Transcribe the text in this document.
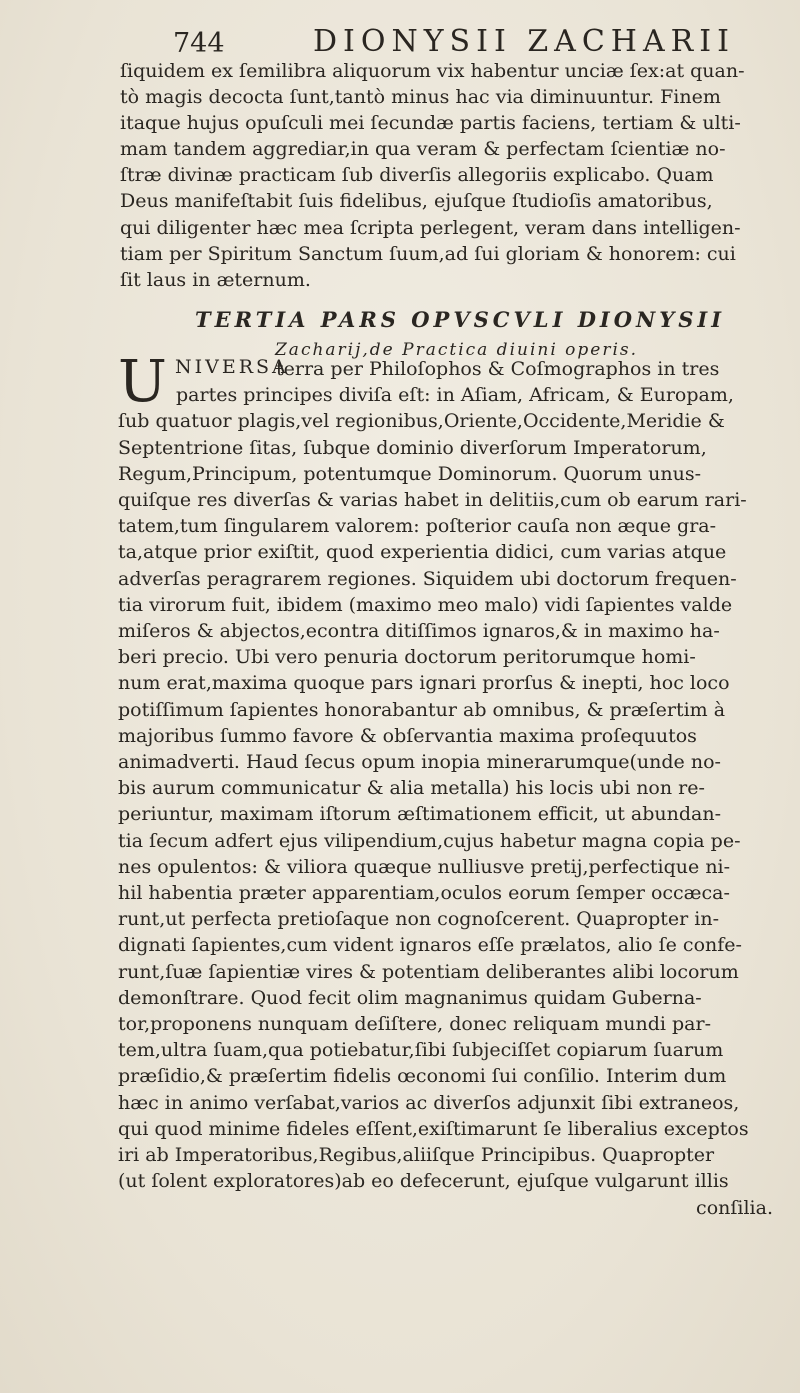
744	DIONYSII ZACHARII
ſiquidem ex ſemilibra aliquorum vix habentur unciæ ſex:at quan-
tò magis decocta ſunt,tantò minus hac via diminuuntur. Finem
itaque hujus opuſculi mei ſecundæ partis faciens, tertiam & ulti-
mam tandem aggrediar,in qua veram & perfectam ſcientiæ no-
ſtræ divinæ practicam ſub diverſis allegoriis explicabo. Quam
Deus manifeſtabit ſuis fidelibus, ejuſque ſtudioſis amatoribus,
qui diligenter hæc mea ſcripta perlegent, veram dans intelligen-
tiam per Spiritum Sanctum ſuum,ad ſui gloriam & honorem: cui
ſit laus in æternum.
TERTIA PARS OPVSCVLI DIONYSII
Zacharij,de Practica diuini operis.
U NIVERSA
terra per Philoſophos & Coſmographos in tres
partes principes diviſa eſt: in Aſiam, Africam, & Europam,
ſub quatuor plagis,vel regionibus,Oriente,Occidente,Meridie &
Septentrione ſitas, ſubque dominio diverſorum Imperatorum,
Regum,Principum, potentumque Dominorum. Quorum unus-
quiſque res diverſas & varias habet in delitiis,cum ob earum rari-
tatem,tum ſingularem valorem: poſterior cauſa non æque gra-
ta,atque prior exiſtit, quod experientia didici, cum varias atque
adverſas peragrarem regiones. Siquidem ubi doctorum frequen-
tia virorum fuit, ibidem (maximo meo malo) vidi ſapientes valde
miſeros & abjectos,econtra ditiſſimos ignaros,& in maximo ha-
beri precio. Ubi vero penuria doctorum peritorumque homi-
num erat,maxima quoque pars ignari prorſus & inepti, hoc loco
potiſſimum ſapientes honorabantur ab omnibus, & præſertim à
majoribus ſummo favore & obſervantia maxima proſequutos
animadverti. Haud ſecus opum inopia minerarumque(unde no-
bis aurum communicatur & alia metalla) his locis ubi non re-
periuntur, maximam iſtorum æſtimationem efficit, ut abundan-
tia ſecum adfert ejus vilipendium,cujus habetur magna copia pe-
nes opulentos: & viliora quæque nulliusve pretij,perfectique ni-
hil habentia præter apparentiam,oculos eorum ſemper occæca-
runt,ut perfecta pretioſaque non cognoſcerent. Quapropter in-
dignati ſapientes,cum vident ignaros eſſe prælatos, alio ſe confe-
runt,ſuæ ſapientiæ vires & potentiam deliberantes alibi locorum
demonſtrare. Quod fecit olim magnanimus quidam Guberna-
tor,proponens nunquam deſiſtere, donec reliquam mundi par-
tem,ultra ſuam,qua potiebatur,ſibi ſubjeciſſet copiarum ſuarum
præſidio,& præſertim fidelis œconomi ſui conſilio. Interim dum
hæc in animo verſabat,varios ac diverſos adjunxit ſibi extraneos,
qui quod minime fideles eſſent,exiſtimarunt ſe liberalius exceptos
iri ab Imperatoribus,Regibus,aliiſque Principibus. Quapropter
(ut ſolent exploratores)ab eo defecerunt, ejuſque vulgarunt illis
conſilia.
